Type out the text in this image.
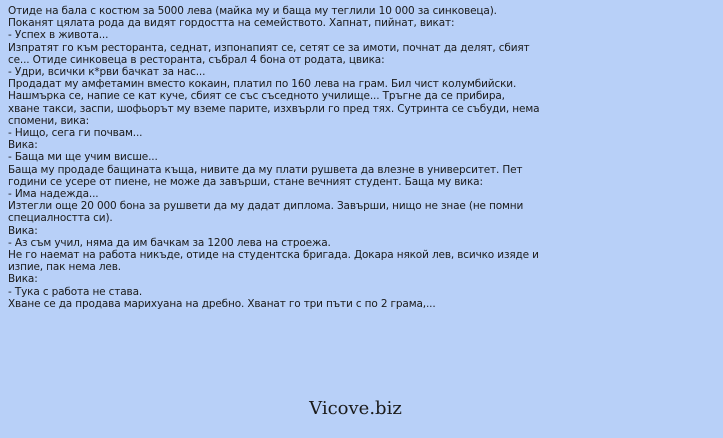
Отиде на бала с костюм за 5000 лева (майка му и баща му теглили 10 000 за синковеца).
Поканят цялата рода да видят гордостта на семейството. Хапнат, пийнат, викат:
- Успех в живота...
Изпратят го към ресторанта, седнат, изпонапият се, сетят се за имоти, почнат да делят, сбият
се... Отиде синковеца в ресторанта, събрал 4 бона от родата, цвика:
- Удри, всички к*рви бачкат за нас...
Продадат му амфетамин вместо кокаин, платил по 160 лева на грам. Бил чист колумбийски.
Нашмърка се, напие се кат куче, сбият се със съседното училище... Тръгне да се прибира,
хване такси, заспи, шофьорът му вземе парите, изхвърли го пред тях. Сутринта се събуди, нема
спомени, вика:
- Нищо, сега ги почвам...
Вика:
- Баща ми ще учим висше...
Баща му продаде бащината къща, нивите да му плати рушвета да влезне в университет. Пет
години се усере от пиене, не може да завърши, стане вечният студент. Баща му вика:
- Има надежда...
Изтегли още 20 000 бона за рушвети да му дадат диплома. Завърши, нищо не знае (не помни
специалността си).
Вика:
- Аз съм учил, няма да им бачкам за 1200 лева на строежа.
Не го наемат на работа никъде, отиде на студентска бригада. Докара някой лев, всичко изяде и
изпие, пак нема лев.
Вика:
- Тука с работа не става.
Хване се да продава марихуана на дребно. Хванат го три пъти с по 2 грама,...
Vicove.biz
